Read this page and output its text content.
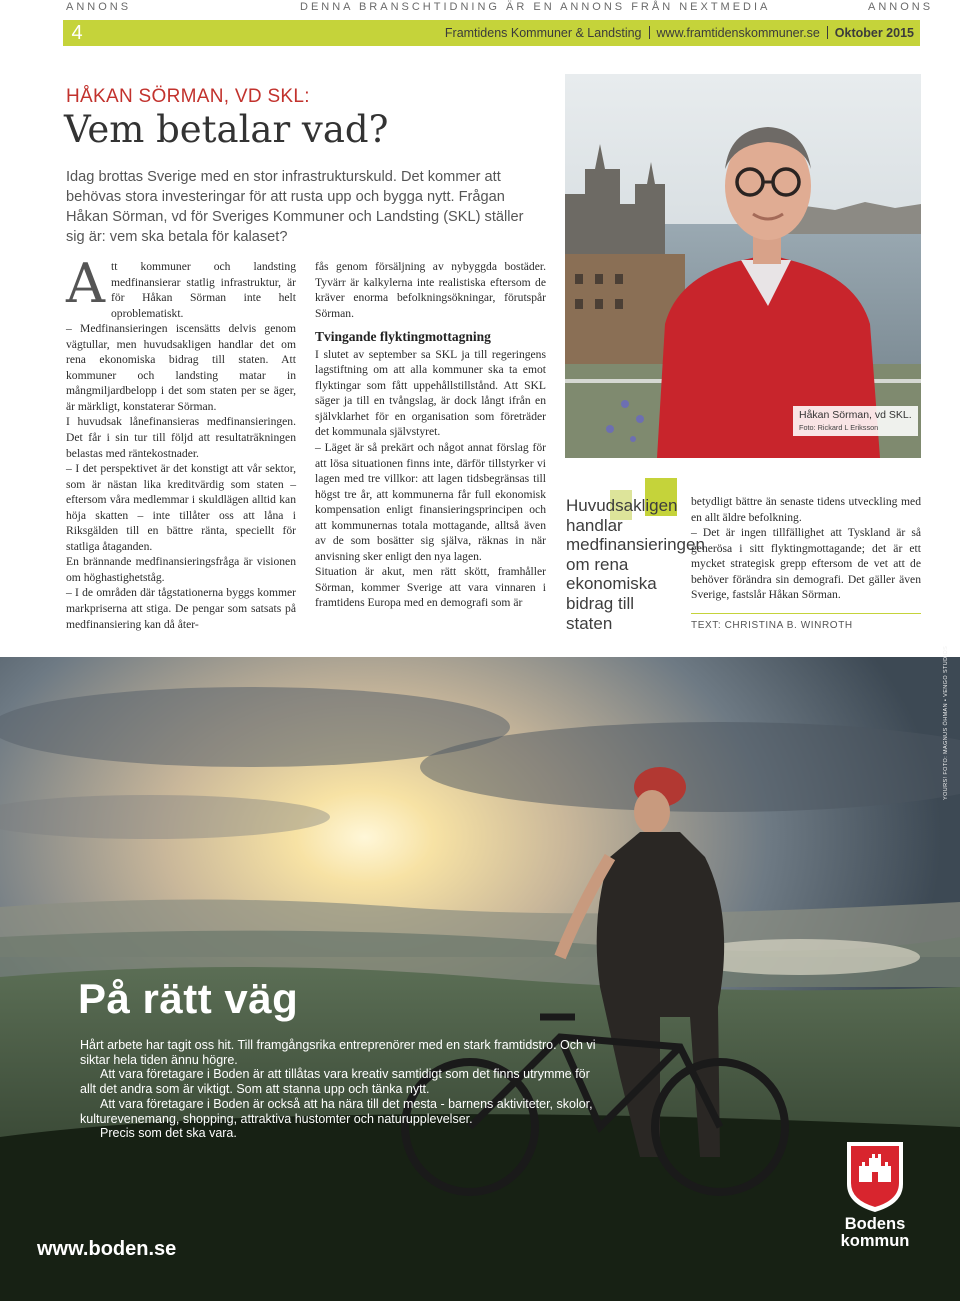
ANNONS	DENNA BRANSCHTIDNING ÄR EN ANNONS FRÅN NEXTMEDIA	ANNONS
4	Framtidens Kommuner & Landsting www.framtidenskommuner.se Oktober 2015
HÅKAN SÖRMAN, VD SKL:
Vem betalar vad?
Idag brottas Sverige med en stor infrastrukturskuld. Det kommer att behövas stora investeringar för att rusta upp och bygga nytt. Frågan Håkan Sörman, vd för Sveriges Kommuner och Landsting (SKL) ställer sig är: vem ska betala för kalaset?

Att kommuner och landsting medfinansierar statlig infrastruktur, är för Håkan Sörman inte helt oproblematiskt.

– Medfinansieringen iscensätts delvis genom vägtullar, men huvudsakligen handlar det om rena ekonomiska bidrag till staten. Att kommuner och landsting matar in mångmiljardbelopp i det som staten per se äger, är märkligt, konstaterar Sörman.

I huvudsak lånefinansieras medfinansieringen. Det får i sin tur till följd att resultaträkningen belastas med räntekostnader.

– I det perspektivet är det konstigt att vår sektor, som är nästan lika kreditvärdig som staten – eftersom våra medlemmar i skuldlägen alltid kan höja skatten – inte tillåter oss att låna i Riksgälden till en bättre ränta, speciellt för statliga åtaganden.

En brännande medfinansieringsfråga är visionen om höghastighetståg.

– I de områden där tågstationerna byggs kommer markpriserna att stiga. De pengar som satsats på medfinansiering kan då åter-

fås genom försäljning av nybyggda bostäder. Tyvärr är kalkylerna inte realistiska eftersom de kräver enorma befolkningsökningar, förutspår Sörman.

Tvingande flyktingmottagning

I slutet av september sa SKL ja till regeringens lagstiftning om att alla kommuner ska ta emot flyktingar som fått uppehållstillstånd. Att SKL säger ja till en tvångslag, är dock långt ifrån en självklarhet för en organisation som företräder det kommunala självstyret.

– Läget är så prekärt och något annat förslag för att lösa situationen finns inte, därför tillstyrker vi lagen med tre villkor: att lagen tidsbegränsas till högst tre år, att kommunerna får full ekonomisk kompensation enligt finansieringsprincipen och att kommunernas totala mottagande, alltså även av de som bosätter sig själva, räknas in när anvisning sker enligt den nya lagen.

Situation är akut, men rätt skött, framhåller Sörman, kommer Sverige att vara vinnaren i framtidens Europa med en demografi som är

Håkan Sörman, vd SKL.
Foto: Rickard L Eriksson
Huvudsakligen handlar medfinansieringen om rena ekonomiska bidrag till staten

betydligt bättre än senaste tidens utveckling med en allt äldre befolkning.

– Det är ingen tillfällighet att Tyskland är så generösa i sitt flyktingmottagande; det är ett mycket strategisk grepp eftersom de vet att de behöver förändra sin demografi. Det gäller även Sverige, fastslår Håkan Sörman.

TEXT: CHRISTINA B. WINROTH
På rätt väg

Hårt arbete har tagit oss hit. Till framgångsrika entreprenörer med en stark framtidstro. Och vi siktar hela tiden ännu högre.

Att vara företagare i Boden är att tillåtas vara kreativ samtidigt som det finns utrymme för allt det andra som är viktigt. Som att stanna upp och tänka nytt.

Att vara företagare i Boden är också att ha nära till det mesta - barnens aktiviteter, skolor, kulturevenemang, shopping, attraktiva hustomter och naturupplevelser.

Precis som det ska vara.

www.boden.se
Bodens
kommun
